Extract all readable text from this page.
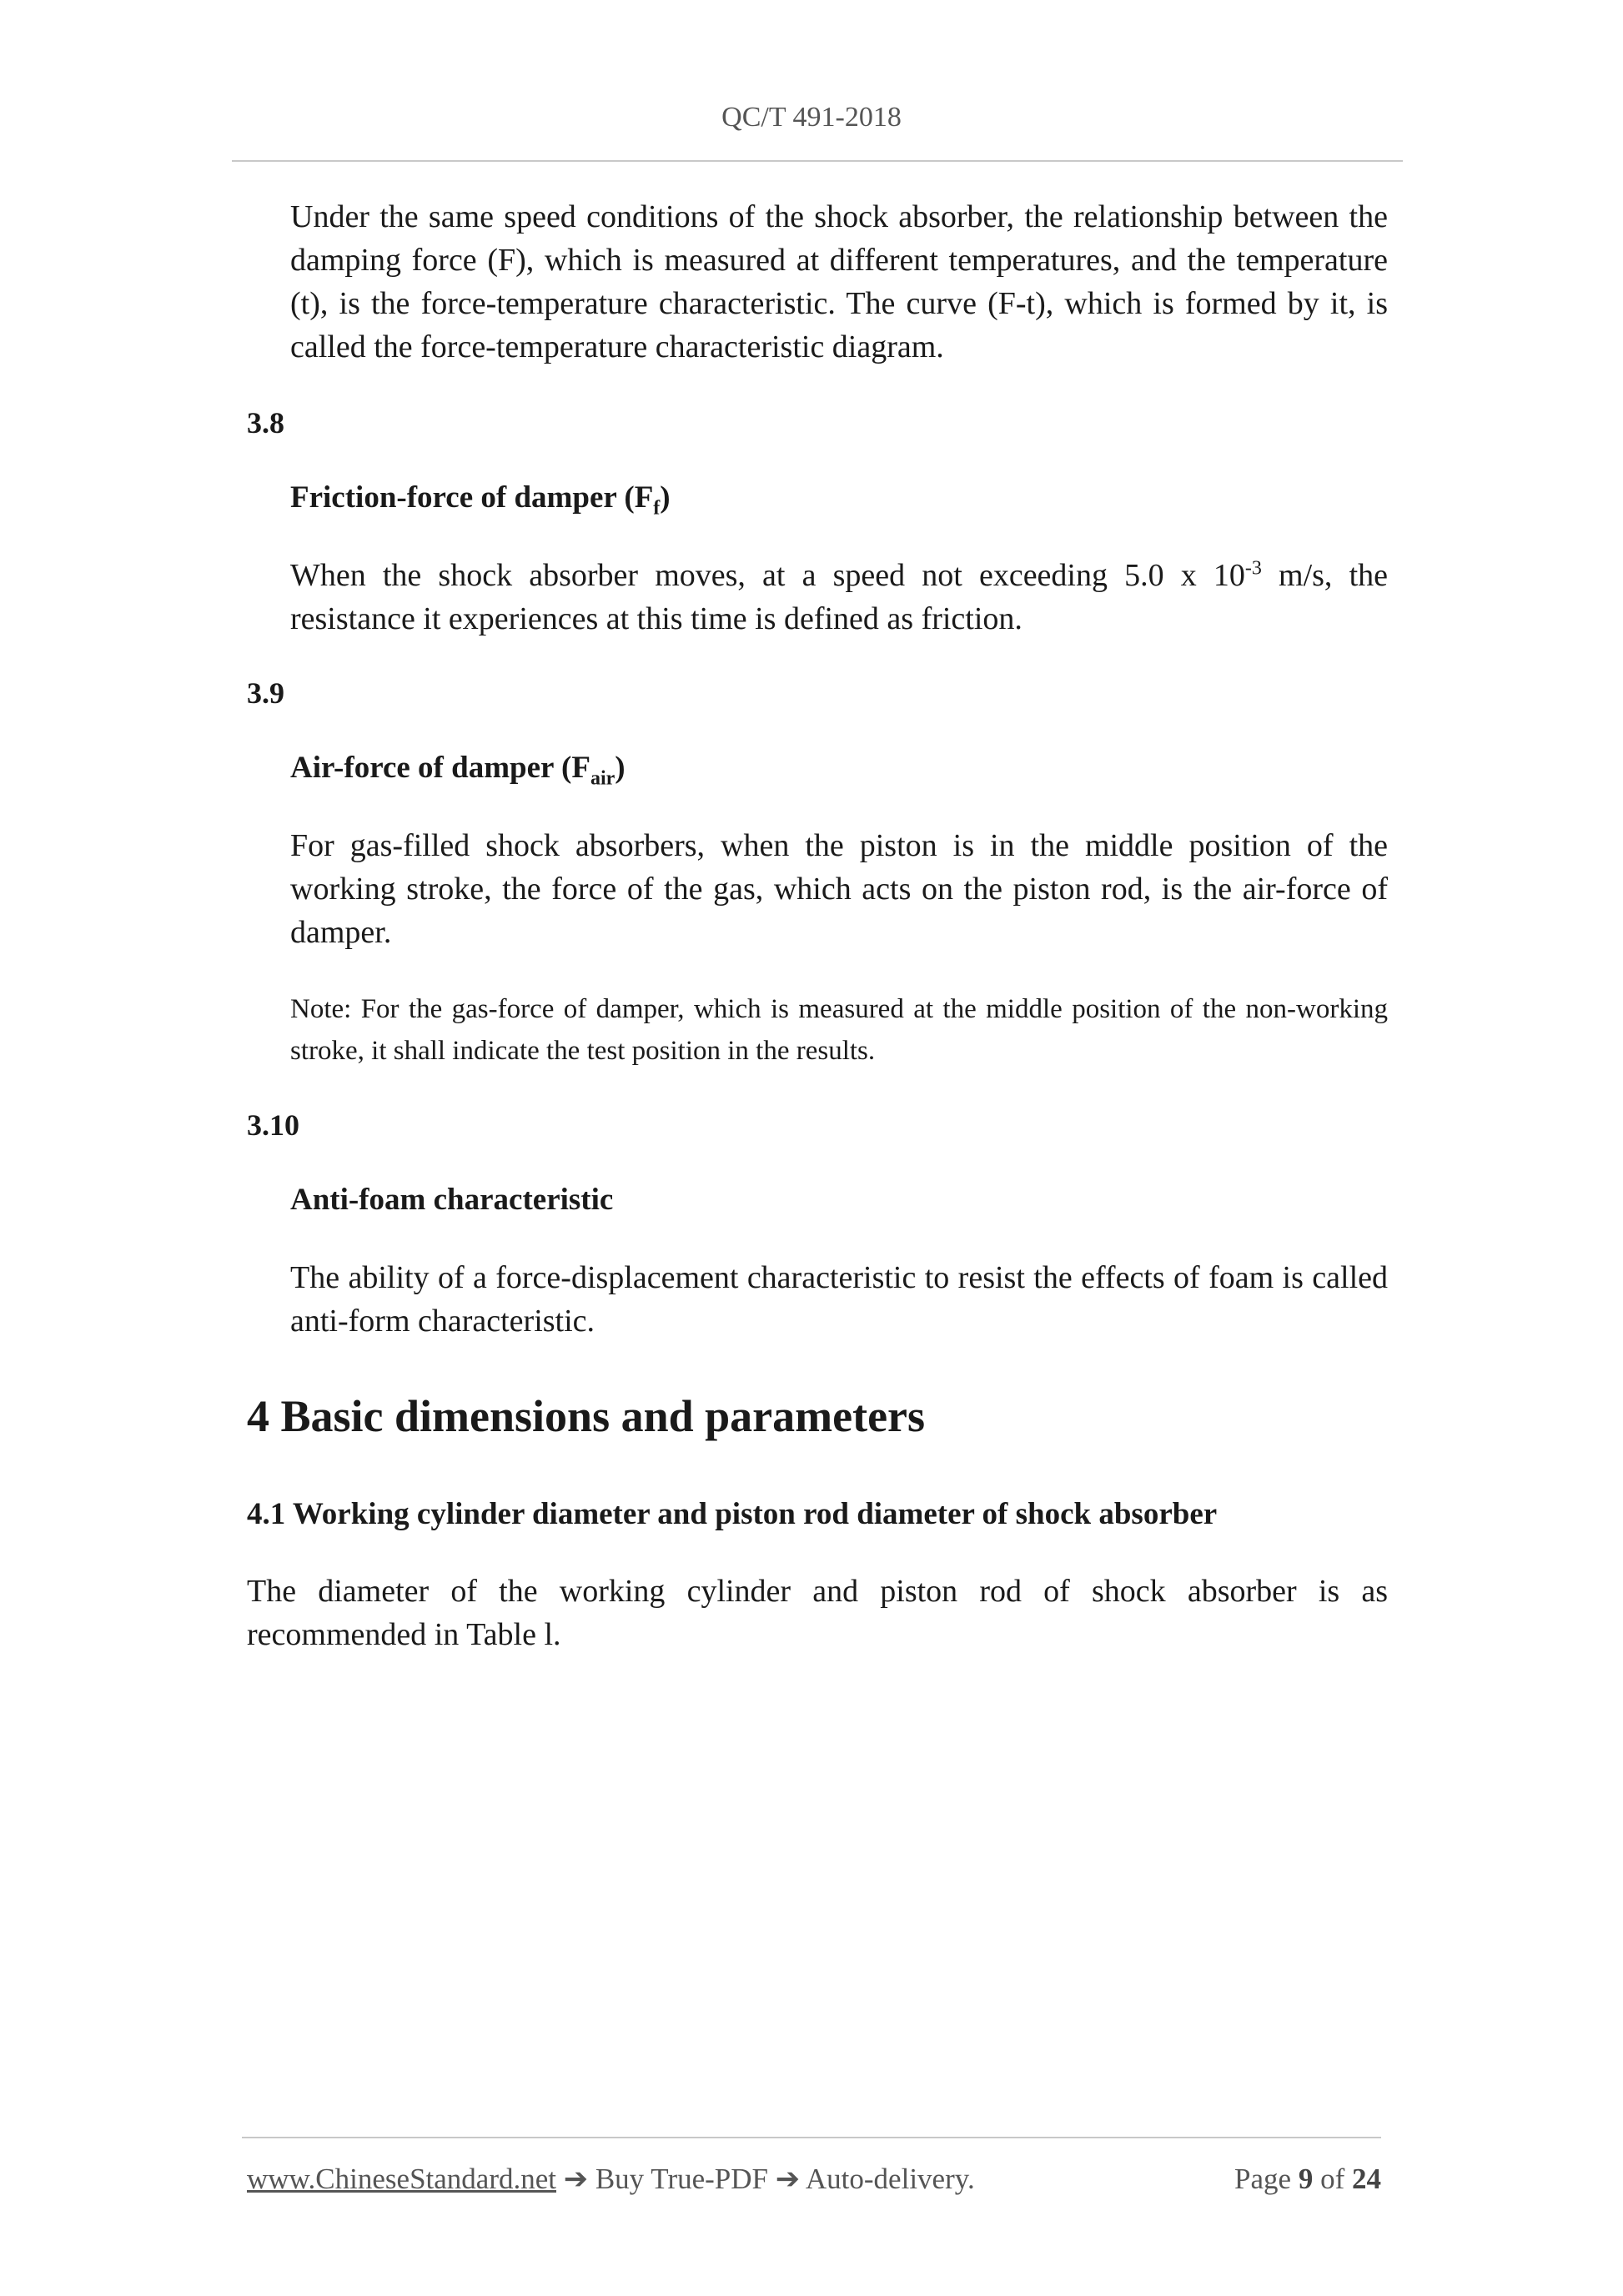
QC/T 491-2018

Under the same speed conditions of the shock absorber, the relationship between the damping force (F), which is measured at different temperatures, and the temperature (t), is the force-temperature characteristic. The curve (F-t), which is formed by it, is called the force-temperature characteristic diagram.

3.8
Friction-force of damper $(F_f)$

When the shock absorber moves, at a speed not exceeding 5.0 x $10^{-3}$ m/s, the resistance it experiences at this time is defined as friction.

3.9
Air-force of damper $(F_{air})$

For gas-filled shock absorbers, when the piston is in the middle position of the working stroke, the force of the gas, which acts on the piston rod, is the air-force of damper.

Note: For the gas-force of damper, which is measured at the middle position of the non-working stroke, it shall indicate the test position in the results.

3.10
Anti-foam characteristic

The ability of a force-displacement characteristic to resist the effects of foam is called anti-form characteristic.

4 Basic dimensions and parameters
4.1 Working cylinder diameter and piston rod diameter of shock absorber

The diameter of the working cylinder and piston rod of shock absorber is as recommended in Table l.

www.ChineseStandard.net ➔ Buy True-PDF ➔ Auto-delivery.	Page 9 of 24
